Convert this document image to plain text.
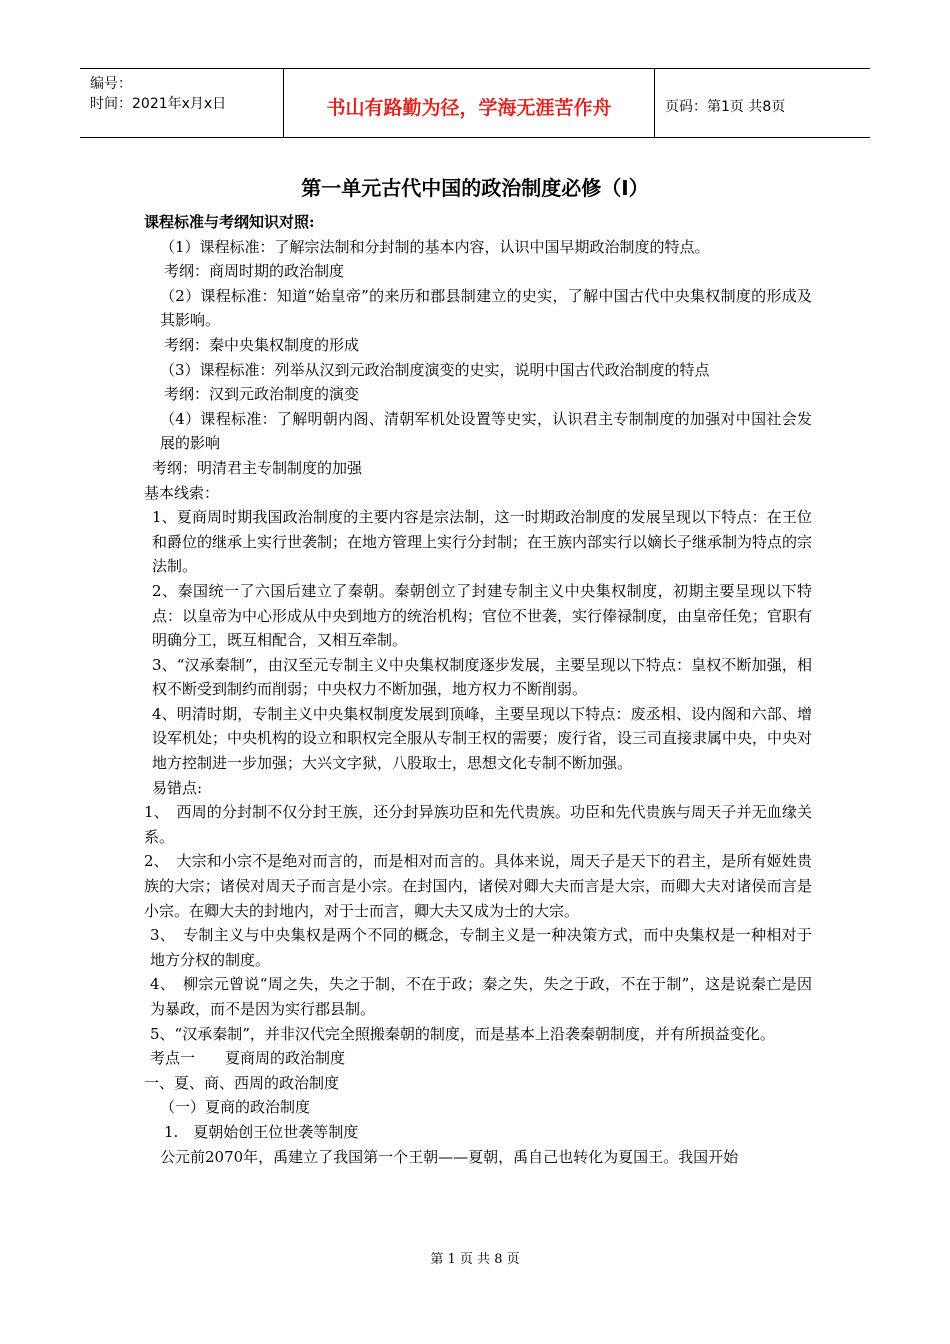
编号：
时间：2021年x月x日	书山有路勤为径，学海无涯苦作舟	页码：第1页 共8页
第一单元古代中国的政治制度必修（Ⅰ）

课程标准与考纲知识对照:

（1）课程标准：了解宗法制和分封制的基本内容，认识中国早期政治制度的特点。

考纲：商周时期的政治制度

（2）课程标准：知道“始皇帝”的来历和郡县制建立的史实，了解中国古代中央集权制度的形成及其影响。

考纲：秦中央集权制度的形成

（3）课程标准：列举从汉到元政治制度演变的史实，说明中国古代政治制度的特点

考纲：汉到元政治制度的演变

（4）课程标准：了解明朝内阁、清朝军机处设置等史实，认识君主专制制度的加强对中国社会发展的影响

考纲：明清君主专制制度的加强

基本线索：

1、夏商周时期我国政治制度的主要内容是宗法制，这一时期政治制度的发展呈现以下特点：在王位和爵位的继承上实行世袭制；在地方管理上实行分封制；在王族内部实行以嫡长子继承制为特点的宗法制。

2、秦国统一了六国后建立了秦朝。秦朝创立了封建专制主义中央集权制度，初期主要呈现以下特点：以皇帝为中心形成从中央到地方的统治机构；官位不世袭，实行俸禄制度，由皇帝任免；官职有明确分工，既互相配合，又相互牵制。

3、“汉承秦制”，由汉至元专制主义中央集权制度逐步发展，主要呈现以下特点：皇权不断加强，相权不断受到制约而削弱；中央权力不断加强，地方权力不断削弱。

4、明清时期，专制主义中央集权制度发展到顶峰，主要呈现以下特点：废丞相、设内阁和六部、增设军机处；中央机构的设立和职权完全服从专制王权的需要；废行省，设三司直接隶属中央，中央对地方控制进一步加强；大兴文字狱，八股取士，思想文化专制不断加强。

易错点:

1、　西周的分封制不仅分封王族，还分封异族功臣和先代贵族。功臣和先代贵族与周天子并无血缘关系。

2、　大宗和小宗不是绝对而言的，而是相对而言的。具体来说，周天子是天下的君主，是所有姬姓贵族的大宗；诸侯对周天子而言是小宗。在封国内，诸侯对卿大夫而言是大宗，而卿大夫对诸侯而言是小宗。在卿大夫的封地内，对于士而言，卿大夫又成为士的大宗。

3、　专制主义与中央集权是两个不同的概念，专制主义是一种决策方式，而中央集权是一种相对于地方分权的制度。

4、　柳宗元曾说“周之失，失之于制，不在于政；秦之失，失之于政，不在于制”，这是说秦亡是因为暴政，而不是因为实行郡县制。

5、“汉承秦制”，并非汉代完全照搬秦朝的制度，而是基本上沿袭秦朝制度，并有所损益变化。

考点一　　夏商周的政治制度

一、夏、商、西周的政治制度

（一）夏商的政治制度

1.　夏朝始创王位世袭等制度

公元前2070年，禹建立了我国第一个王朝——夏朝，禹自己也转化为夏国王。我国开始

第 1 页 共 8 页
